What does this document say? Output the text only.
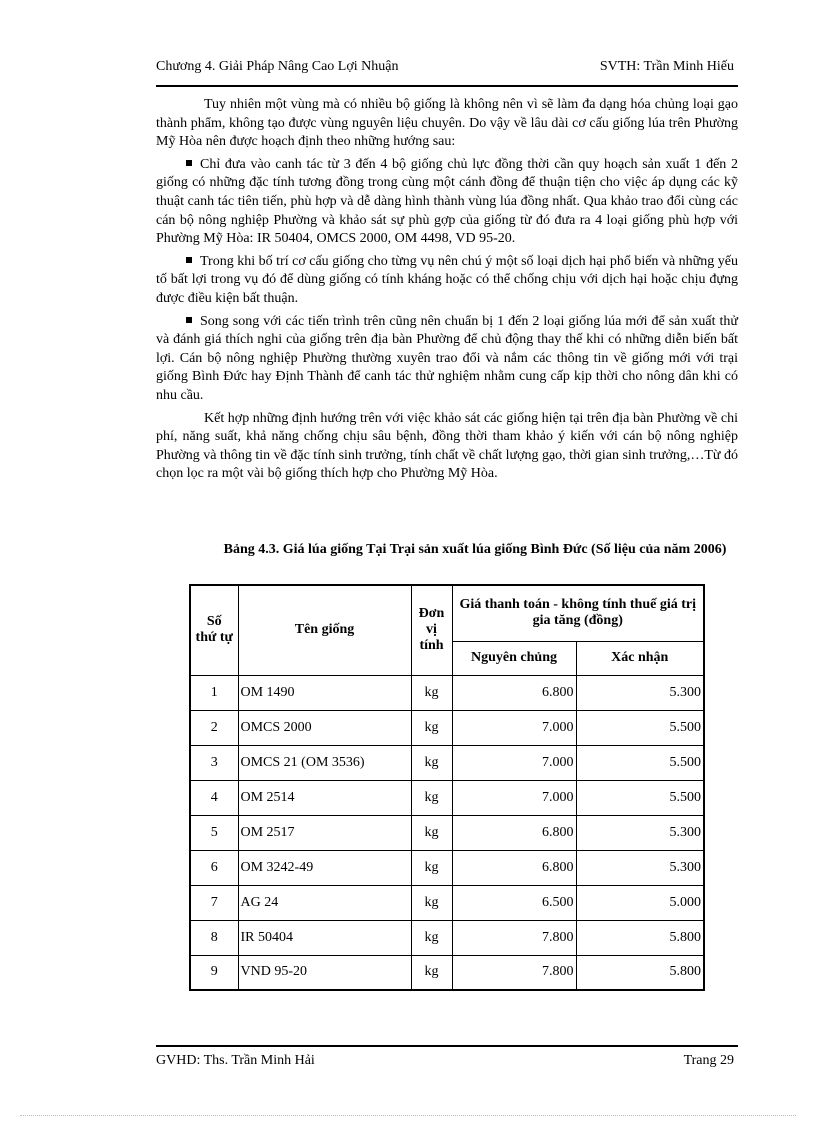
Chương 4. Giải Pháp Nâng Cao Lợi Nhuận	SVTH: Trần Minh Hiếu

Tuy nhiên một vùng mà có nhiều bộ giống là không nên vì sẽ làm đa dạng hóa chủng loại gạo thành phẩm, không tạo được vùng nguyên liệu chuyên. Do vậy về lâu dài cơ cấu giống lúa trên Phường Mỹ Hòa nên được hoạch định theo những hướng sau:

Chỉ đưa vào canh tác từ 3 đến 4 bộ giống chủ lực đồng thời cần quy hoạch sản xuất 1 đến 2 giống có những đặc tính tương đồng trong cùng một cánh đồng để thuận tiện cho việc áp dụng các kỹ thuật canh tác tiên tiến, phù hợp và dễ dàng hình thành vùng lúa đồng nhất. Qua khảo trao đổi cùng các cán bộ nông nghiệp Phường và khảo sát sự phù gợp của giống từ đó đưa ra 4 loại giống phù hợp với Phường Mỹ Hòa: IR 50404, OMCS 2000, OM 4498, VD 95-20.

Trong khi bố trí cơ cấu giống cho từng vụ nên chú ý một số loại dịch hại phổ biến và những yếu tố bất lợi trong vụ đó để dùng giống có tính kháng hoặc có thể chống chịu với dịch hại hoặc chịu đựng được điều kiện bất thuận.

Song song với các tiến trình trên cũng nên chuẩn bị 1 đến 2 loại giống lúa mới để sản xuất thử và đánh giá thích nghi của giống trên địa bàn Phường để chủ động thay thế khi có những diễn biến bất lợi. Cán bộ nông nghiệp Phường thường xuyên trao đổi và nắm các thông tin về giống mới với trại giống Bình Đức hay Định Thành để canh tác thử nghiệm nhằm cung cấp kịp thời cho nông dân khi có nhu cầu.

Kết hợp những định hướng trên với việc khảo sát các giống hiện tại trên địa bàn Phường về chi phí, năng suất, khả năng chống chịu sâu bệnh, đồng thời tham khảo ý kiến với cán bộ nông nghiệp Phường và thông tin về đặc tính sinh trưởng, tính chất về chất lượng gạo, thời gian sinh trưởng,…Từ đó chọn lọc ra một vài bộ giống thích hợp cho Phường Mỹ Hòa.

Bảng 4.3. Giá lúa giống Tại Trại sản xuất lúa giống Bình Đức (Số liệu của năm 2006)
Số thứ tự	Tên giống	Đơn vị tính	Giá thanh toán - không tính thuế giá trị gia tăng (đồng)	
			Nguyên chủng	Xác nhận
1	OM 1490	kg	6.800	5.300
2	OMCS 2000	kg	7.000	5.500
3	OMCS 21 (OM 3536)	kg	7.000	5.500
4	OM 2514	kg	7.000	5.500
5	OM 2517	kg	6.800	5.300
6	OM 3242-49	kg	6.800	5.300
7	AG 24	kg	6.500	5.000
8	IR 50404	kg	7.800	5.800
9	VND 95-20	kg	7.800	5.800
GVHD: Ths. Trần Minh Hải	Trang 29
